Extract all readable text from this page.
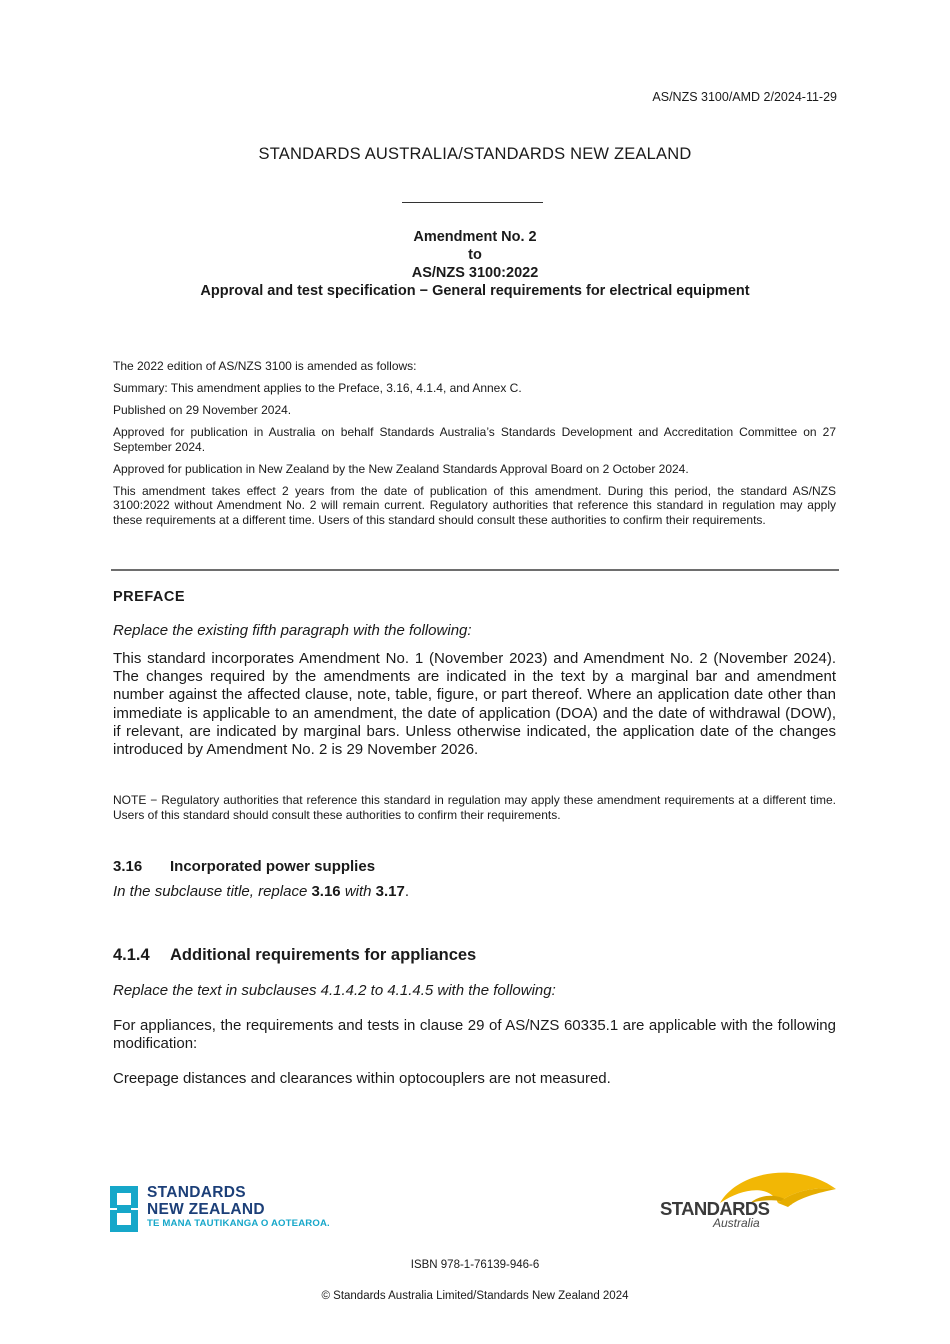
AS/NZS 3100/AMD 2/2024-11-29
STANDARDS AUSTRALIA/STANDARDS NEW ZEALAND
Amendment No. 2
to
AS/NZS 3100:2022
Approval and test specification − General requirements for electrical equipment

The 2022 edition of AS/NZS 3100 is amended as follows:

Summary: This amendment applies to the Preface, 3.16, 4.1.4, and Annex C.

Published on 29 November 2024.

Approved for publication in Australia on behalf Standards Australia’s Standards Development and Accreditation Committee on 27 September 2024.

Approved for publication in New Zealand by the New Zealand Standards Approval Board on 2 October 2024.

This amendment takes effect 2 years from the date of publication of this amendment. During this period, the standard AS/NZS 3100:2022 without Amendment No. 2 will remain current. Regulatory authorities that reference this standard in regulation may apply these requirements at a different time. Users of this standard should consult these authorities to confirm their requirements.

PREFACE
Replace the existing fifth paragraph with the following:
This standard incorporates Amendment No. 1 (November 2023) and Amendment No. 2 (November 2024). The changes required by the amendments are indicated in the text by a marginal bar and amendment number against the affected clause, note, table, figure, or part thereof. Where an application date other than immediate is applicable to an amendment, the date of application (DOA) and the date of withdrawal (DOW), if relevant, are indicated by marginal bars. Unless otherwise indicated, the application date of the changes introduced by Amendment No. 2 is 29 November 2026.
NOTE − Regulatory authorities that reference this standard in regulation may apply these amendment requirements at a different time. Users of this standard should consult these authorities to confirm their requirements.
3.16 Incorporated power supplies
In the subclause title, replace 3.16 with 3.17.
4.1.4 Additional requirements for appliances
Replace the text in subclauses 4.1.4.2 to 4.1.4.5 with the following:
For appliances, the requirements and tests in clause 29 of AS/NZS 60335.1 are applicable with the following modification:
Creepage distances and clearances within optocouplers are not measured.
STANDARDS
NEW ZEALAND
TE MANA TAUTIKANGA O AOTEAROA.
STANDARDS
Australia
ISBN 978-1-76139-946-6
© Standards Australia Limited/Standards New Zealand 2024
